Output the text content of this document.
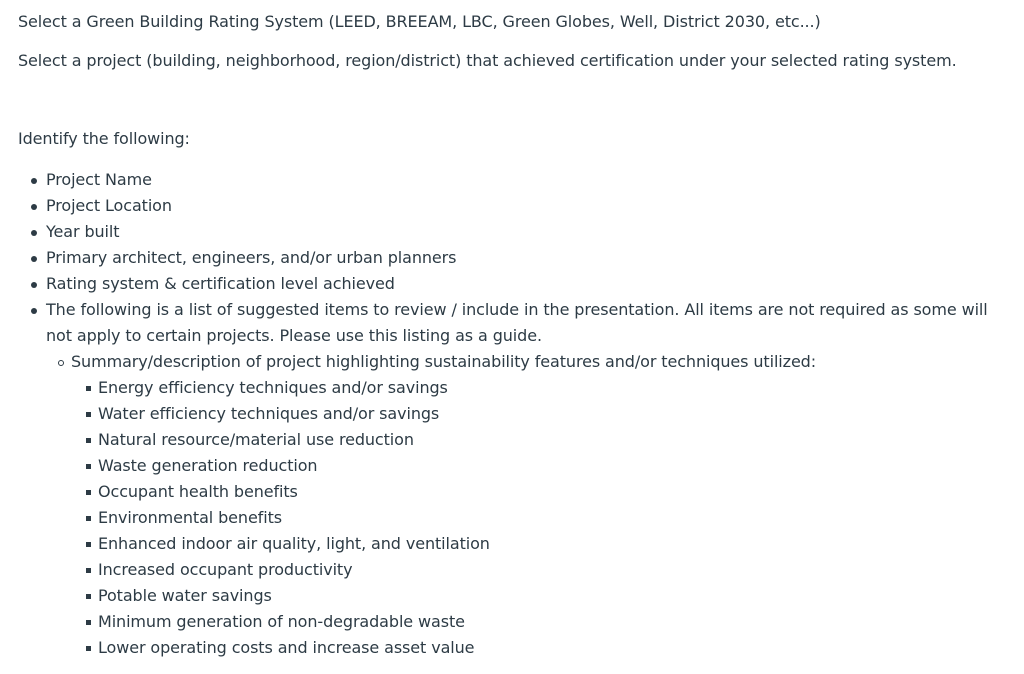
Select a Green Building Rating System (LEED, BREEAM, LBC, Green Globes, Well, District 2030, etc...)

Select a project (building, neighborhood, region/district) that achieved certification under your selected rating system.

Identify the following:

Project Name
Project Location
Year built
Primary architect, engineers, and/or urban planners
Rating system & certification level achieved
The following is a list of suggested items to review / include in the presentation. All items are not required as some will not apply to certain projects. Please use this listing as a guide.
Summary/description of project highlighting sustainability features and/or techniques utilized:
Energy efficiency techniques and/or savings
Water efficiency techniques and/or savings
Natural resource/material use reduction
Waste generation reduction
Occupant health benefits
Environmental benefits
Enhanced indoor air quality, light, and ventilation
Increased occupant productivity
Potable water savings
Minimum generation of non-degradable waste
Lower operating costs and increase asset value
